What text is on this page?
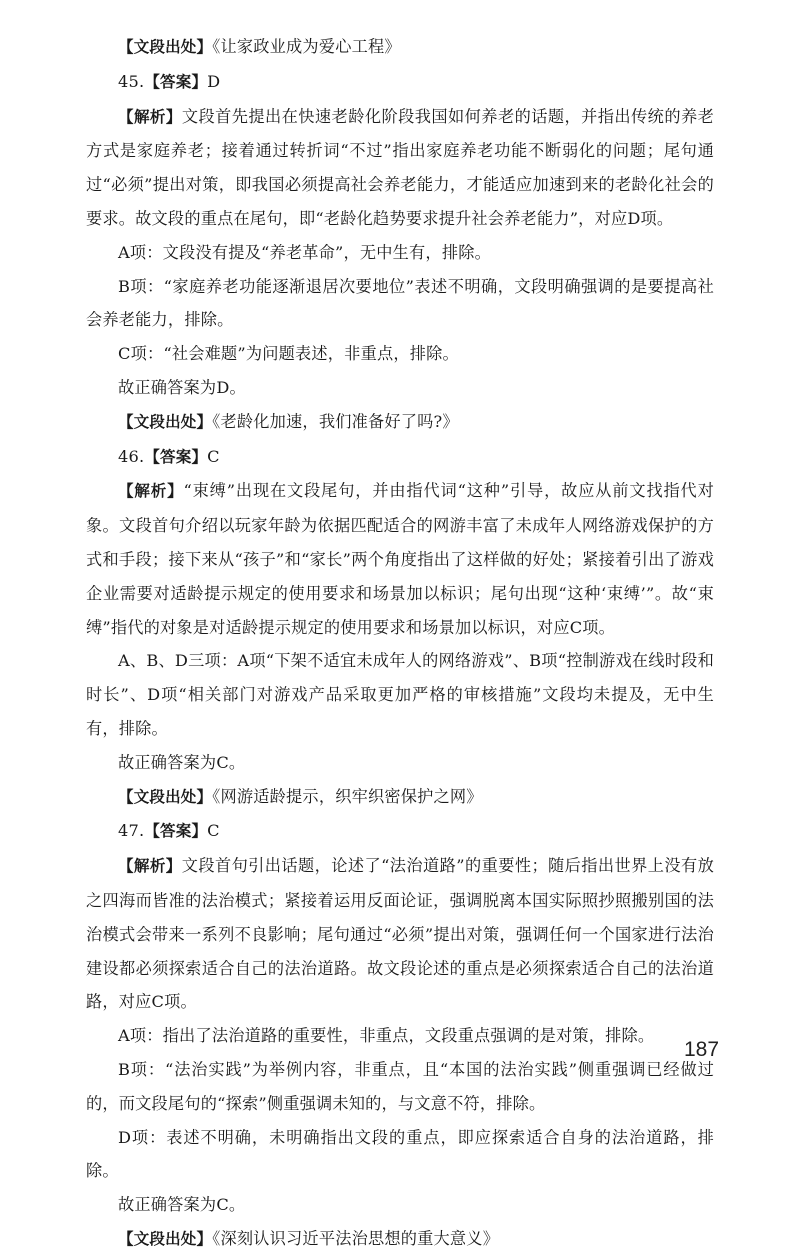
【文段出处】《让家政业成为爱心工程》

45.【答案】D

【解析】文段首先提出在快速老龄化阶段我国如何养老的话题，并指出传统的养老方式是家庭养老；接着通过转折词“不过”指出家庭养老功能不断弱化的问题；尾句通过“必须”提出对策，即我国必须提高社会养老能力，才能适应加速到来的老龄化社会的要求。故文段的重点在尾句，即“老龄化趋势要求提升社会养老能力”，对应D项。

A项：文段没有提及“养老革命”，无中生有，排除。

B项：“家庭养老功能逐渐退居次要地位”表述不明确，文段明确强调的是要提高社会养老能力，排除。

C项：“社会难题”为问题表述，非重点，排除。

故正确答案为D。

【文段出处】《老龄化加速，我们准备好了吗?》

46.【答案】C

【解析】“束缚”出现在文段尾句，并由指代词“这种”引导，故应从前文找指代对象。文段首句介绍以玩家年龄为依据匹配适合的网游丰富了未成年人网络游戏保护的方式和手段；接下来从“孩子”和“家长”两个角度指出了这样做的好处；紧接着引出了游戏企业需要对适龄提示规定的使用要求和场景加以标识；尾句出现“这种‘束缚’”。故“束缚”指代的对象是对适龄提示规定的使用要求和场景加以标识，对应C项。

A、B、D三项：A项“下架不适宜未成年人的网络游戏”、B项“控制游戏在线时段和时长”、D项“相关部门对游戏产品采取更加严格的审核措施”文段均未提及，无中生有，排除。

故正确答案为C。

【文段出处】《网游适龄提示，织牢织密保护之网》

47.【答案】C

【解析】文段首句引出话题，论述了“法治道路”的重要性；随后指出世界上没有放之四海而皆准的法治模式；紧接着运用反面论证，强调脱离本国实际照抄照搬别国的法治模式会带来一系列不良影响；尾句通过“必须”提出对策，强调任何一个国家进行法治建设都必须探索适合自己的法治道路。故文段论述的重点是必须探索适合自己的法治道路，对应C项。

A项：指出了法治道路的重要性，非重点，文段重点强调的是对策，排除。

B项：“法治实践”为举例内容，非重点，且“本国的法治实践”侧重强调已经做过的，而文段尾句的“探索”侧重强调未知的，与文意不符，排除。

D项：表述不明确，未明确指出文段的重点，即应探索适合自身的法治道路，排除。

故正确答案为C。

【文段出处】《深刻认识习近平法治思想的重大意义》

187
